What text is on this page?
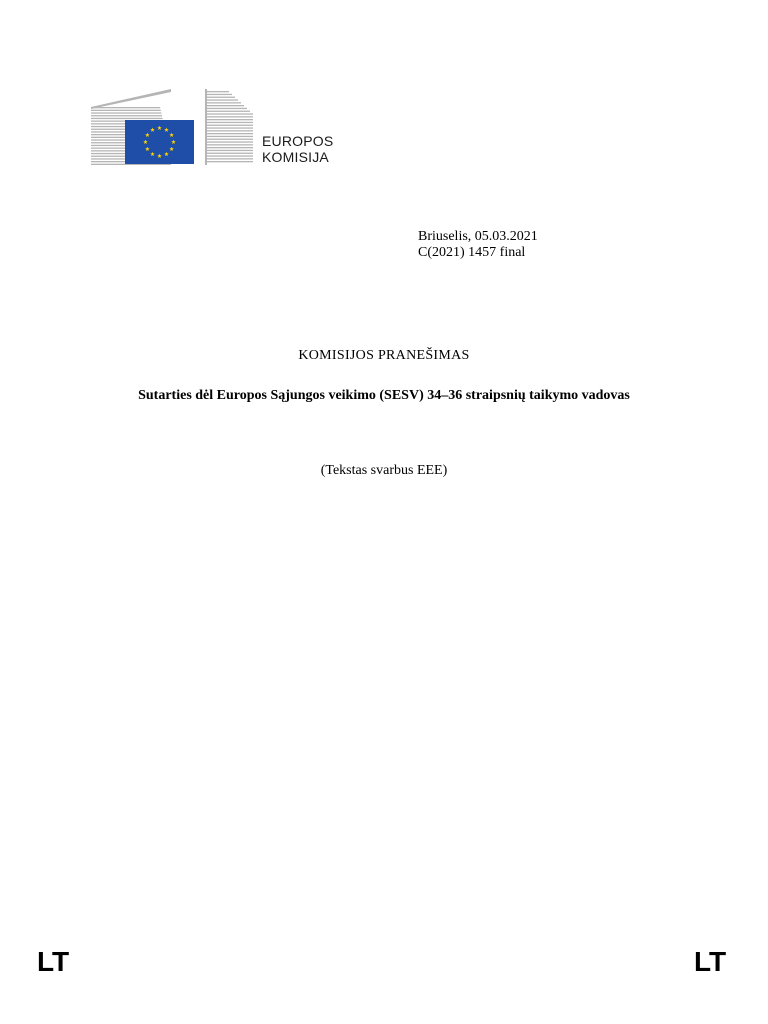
EUROPOS
KOMISIJA
Briuselis, 05.03.2021
C(2021) 1457 final
KOMISIJOS PRANEŠIMAS
Sutarties dėl Europos Sąjungos veikimo (SESV) 34–36 straipsnių taikymo vadovas
(Tekstas svarbus EEE)
LT	LT
